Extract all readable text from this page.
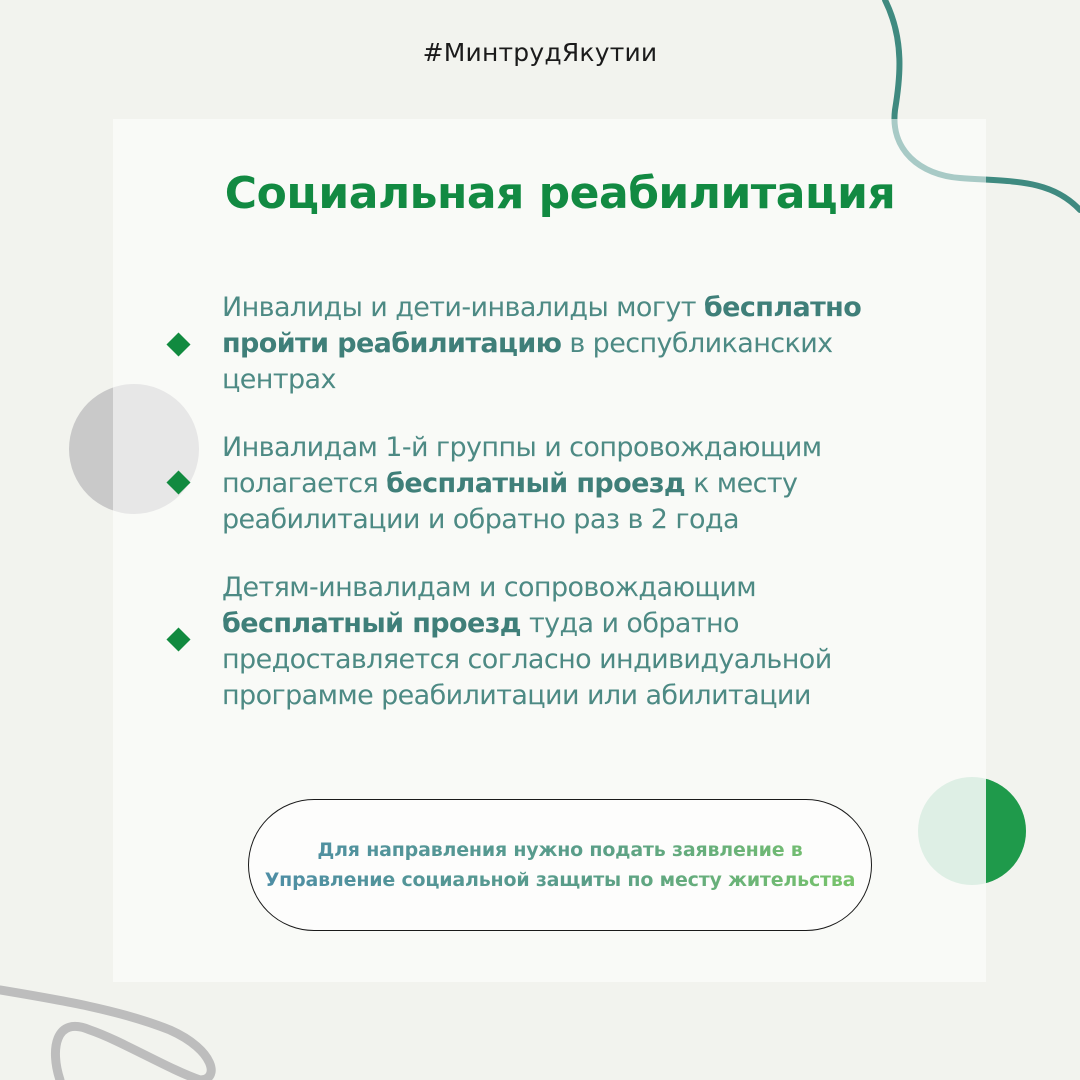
#МинтрудЯкутии
Социальная реабилитация
Инвалиды и дети-инвалиды могут бесплатно пройти реабилитацию в республиканских центрах
Инвалидам 1-й группы и сопровождающим полагается бесплатный проезд к месту реабилитации и обратно раз в 2 года
Детям-инвалидам и сопровождающим бесплатный проезд туда и обратно предоставляется согласно индивидуальной программе реабилитации или абилитации
Для направления нужно подать заявление в
Управление социальной защиты по месту жительства
